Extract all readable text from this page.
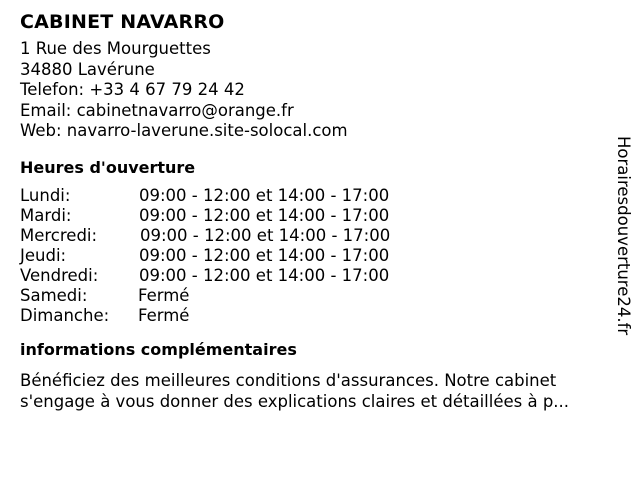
CABINET NAVARRO
1 Rue des Mourguettes
34880 Lavérune
Telefon: +33 4 67 79 24 42
Email: cabinetnavarro@orange.fr
Web: navarro-laverune.site-solocal.com
Heures d'ouverture
Lundi:	09:00 - 12:00 et 14:00 - 17:00
Mardi:	09:00 - 12:00 et 14:00 - 17:00
Mercredi:	09:00 - 12:00 et 14:00 - 17:00
Jeudi:	09:00 - 12:00 et 14:00 - 17:00
Vendredi:	09:00 - 12:00 et 14:00 - 17:00
Samedi:	Fermé
Dimanche:	Fermé
informations complémentaires
Bénéficiez des meilleures conditions d'assurances. Notre cabinet
s'engage à vous donner des explications claires et détaillées à p...
Horairesdouverture24.fr
